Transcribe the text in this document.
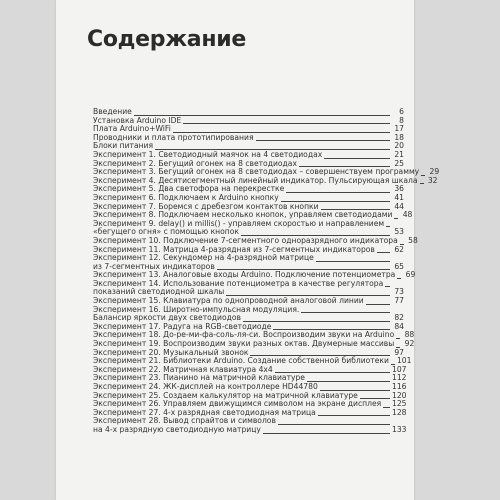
Содержание
Введение	6
Установка Arduino IDE	8
Плата Arduino+WiFi	17
Проводники и плата прототипирования	18
Блоки питания	20
Эксперимент 1. Светодиодный маячок на 4 светодиодах	21
Эксперимент 2. Бегущий огонек на 8 светодиодах	25
Эксперимент 3. Бегущий огонек на 8 светодиодах – совершенствуем программу	29
Эксперимент 4. Десятисегментный линейный индикатор. Пульсирующая шкала	32
Эксперимент 5. Два светофора на перекрестке	36
Эксперимент 6. Подключаем к Arduino кнопку	41
Эксперимент 7. Боремся с дребезгом контактов кнопки	44
Эксперимент 8. Подключаем несколько кнопок, управляем светодиодами	48
Эксперимент 9. delay() и millis() - управляем скоростью и направлением
«бегущего огня» с помощью кнопок	53
Эксперимент 10. Подключение 7-сегментного одноразрядного индикатора	58
Эксперимент 11. Матрица 4-разрядная из 7-сегментных индикаторов	62
Эксперимент 12. Секундомер на 4-разрядной матрице
из 7-сегментных индикаторов	65
Эксперимент 13. Аналоговые входы Arduino. Подключение потенциометра	69
Эксперимент 14. Использование потенциометра в качестве регулятора
показаний светодиодной шкалы	73
Эксперимент 15. Клавиатура по однопроводной аналоговой линии	77
Эксперимент 16. Широтно-импульсная модуляция.
Балансир яркости двух светодиодов	82
Эксперимент 17. Радуга на RGB-светодиоде	84
Эксперимент 18. До-ре-ми-фа-соль-ля-си. Воспроизводим звуки на Arduino	88
Эксперимент 19. Воспроизводим звуки разных октав. Двумерные массивы	92
Эксперимент 20. Музыкальный звонок	97
Эксперимент 21. Библиотеки Arduino. Создание собственной библиотеки 101
Эксперимент 22. Матричная клавиатура 4x4	107
Эксперимент 23. Пианино на матричной клавиатуре	112
Эксперимент 24. ЖК-дисплей на контроллере HD44780	116
Эксперимент 25. Создаем калькулятор на матричной клавиатуре	120
Эксперимент 26. Управляем движущимся символом на экране дисплея 125
Эксперимент 27. 4-х разрядная светодиодная матрица	128
Эксперимент 28. Вывод спрайтов и символов
на 4-х разрядную светодиодную матрицу	133
